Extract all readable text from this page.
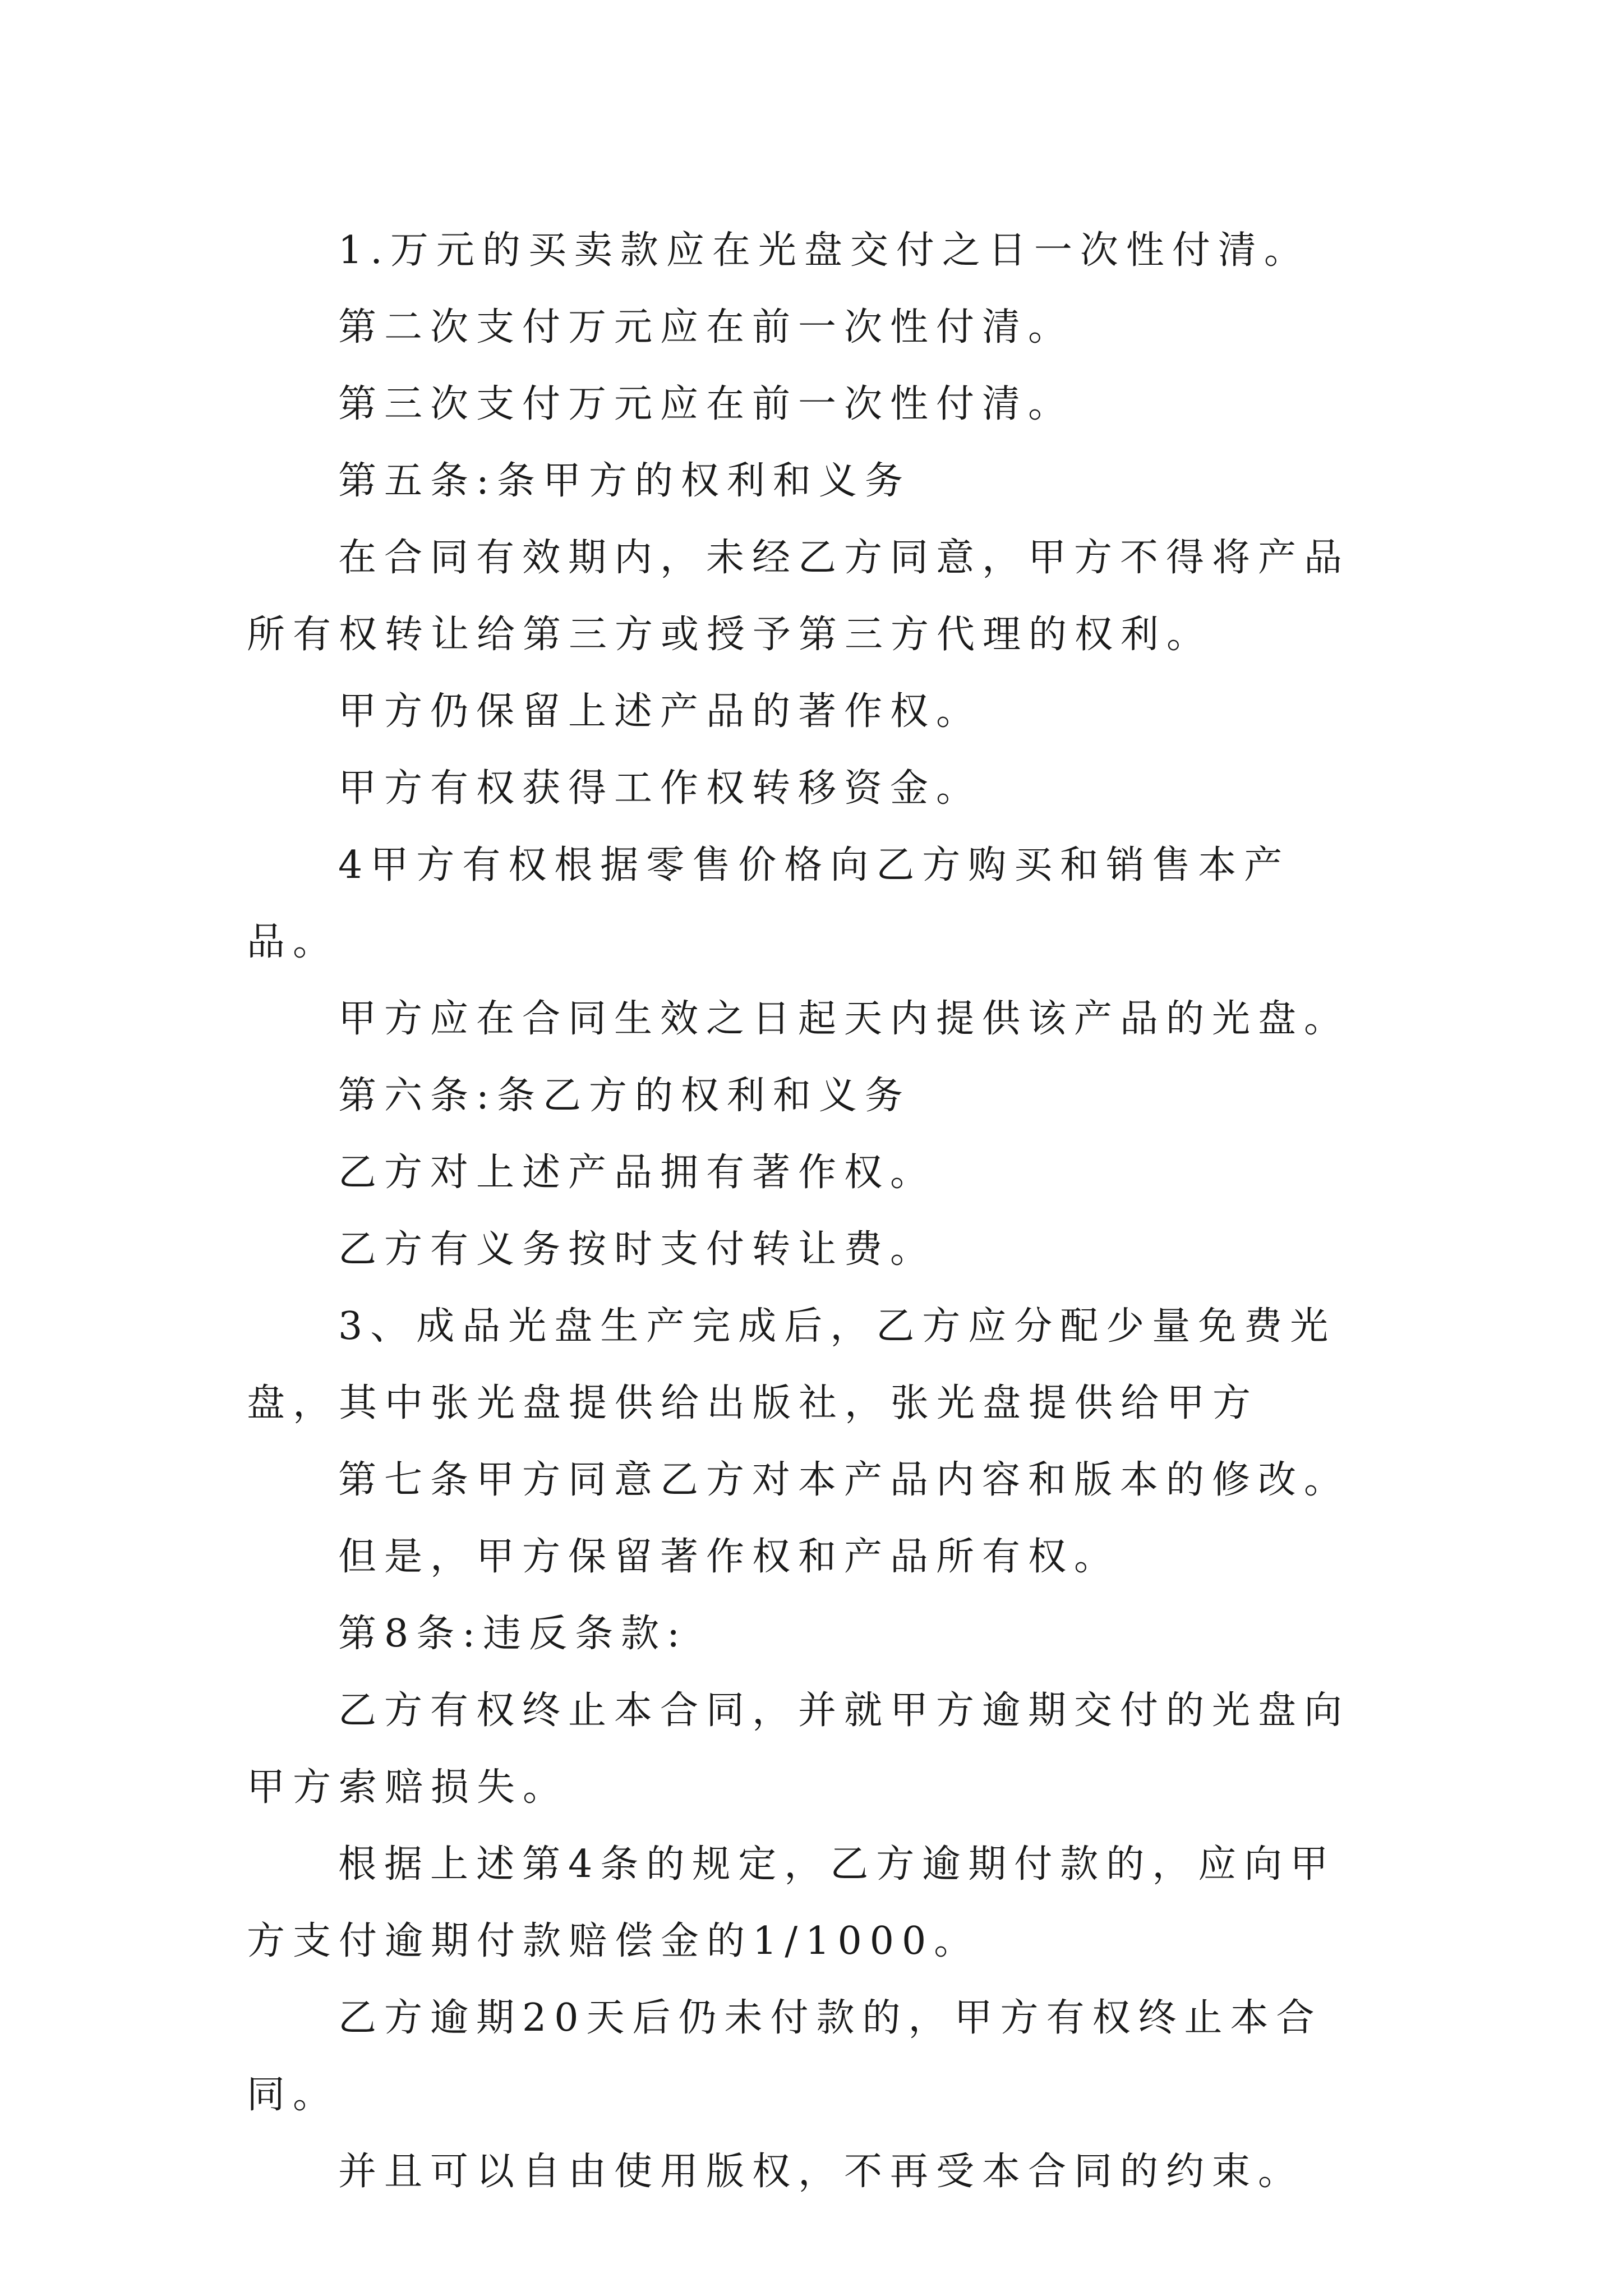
1.万元的买卖款应在光盘交付之日一次性付清。

第二次支付万元应在前一次性付清。

第三次支付万元应在前一次性付清。

第五条:条甲方的权利和义务

在合同有效期内，未经乙方同意，甲方不得将产品所有权转让给第三方或授予第三方代理的权利。

甲方仍保留上述产品的著作权。

甲方有权获得工作权转移资金。

4甲方有权根据零售价格向乙方购买和销售本产品。

甲方应在合同生效之日起天内提供该产品的光盘。

第六条:条乙方的权利和义务

乙方对上述产品拥有著作权。

乙方有义务按时支付转让费。

3、成品光盘生产完成后，乙方应分配少量免费光盘，其中张光盘提供给出版社，张光盘提供给甲方

第七条甲方同意乙方对本产品内容和版本的修改。

但是，甲方保留著作权和产品所有权。

第8条:违反条款:

乙方有权终止本合同，并就甲方逾期交付的光盘向甲方索赔损失。

根据上述第4条的规定，乙方逾期付款的，应向甲方支付逾期付款赔偿金的1/1000。

乙方逾期20天后仍未付款的，甲方有权终止本合同。

并且可以自由使用版权，不再受本合同的约束。
